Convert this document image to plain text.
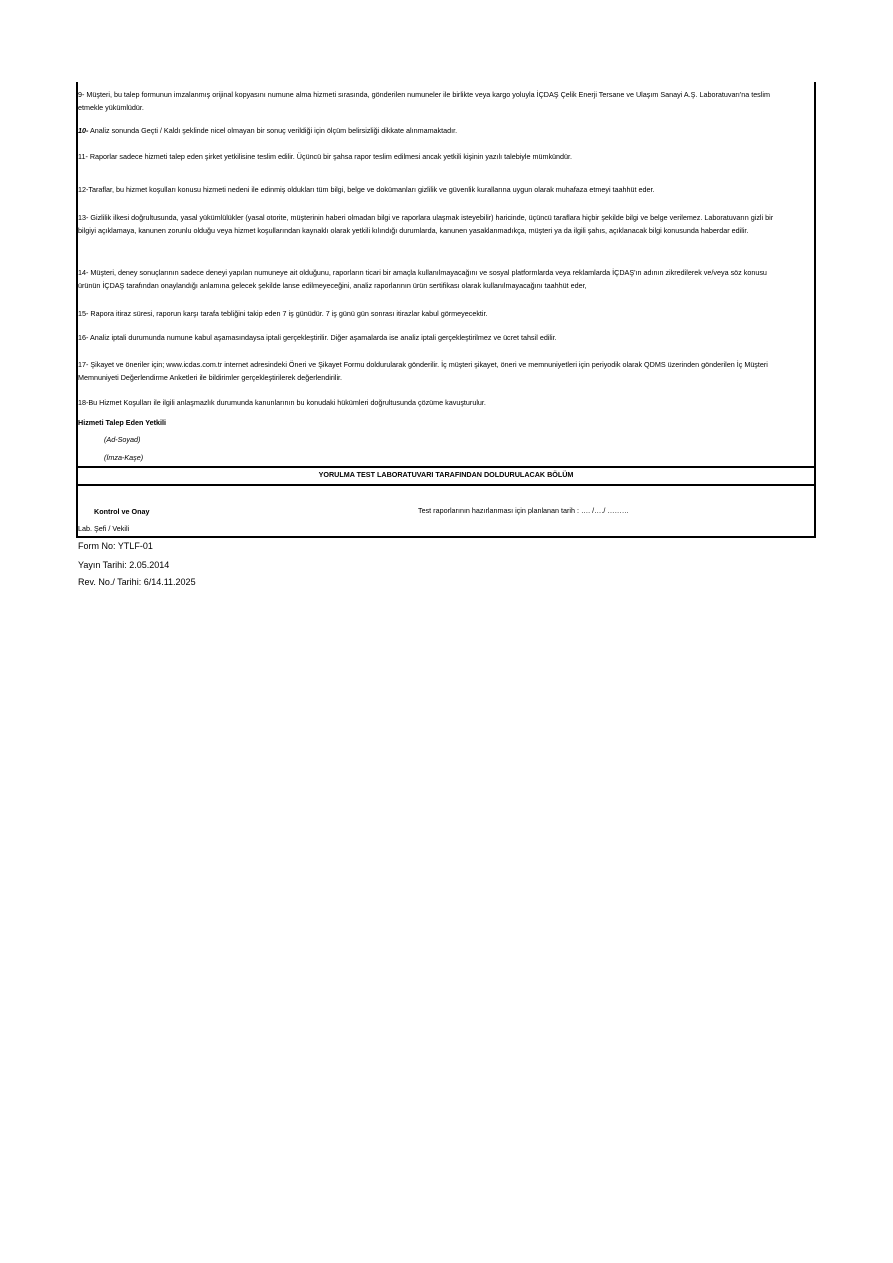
9- Müşteri, bu talep formunun imzalanmış orijinal kopyasını numune alma hizmeti sırasında, gönderilen numuneler ile birlikte veya kargo yoluyla İÇDAŞ Çelik Enerji Tersane ve Ulaşım Sanayi A.Ş. Laboratuvarı'na teslim etmekle yükümlüdür.
10- Analiz sonunda Geçti / Kaldı şeklinde nicel olmayan bir sonuç verildiği için ölçüm belirsizliği dikkate alınmamaktadır.
11- Raporlar sadece hizmeti talep eden şirket yetkilisine teslim edilir. Üçüncü bir şahsa rapor teslim edilmesi ancak yetkili kişinin yazılı talebiyle mümkündür.
12-Taraflar, bu hizmet koşulları konusu hizmeti nedeni ile edinmiş oldukları tüm bilgi, belge ve dokümanları gizlilik ve güvenlik kurallarına uygun olarak muhafaza etmeyi taahhüt eder.
13- Gizlilik ilkesi doğrultusunda, yasal yükümlülükler (yasal otorite, müşterinin haberi olmadan bilgi ve raporlara ulaşmak isteyebilir) haricinde, üçüncü taraflara hiçbir şekilde bilgi ve belge verilemez. Laboratuvarın gizli bir bilgiyi açıklamaya, kanunen zorunlu olduğu veya hizmet koşullarından kaynaklı olarak yetkili kılındığı durumlarda, kanunen yasaklanmadıkça, müşteri ya da ilgili şahıs, açıklanacak bilgi konusunda haberdar edilir.
14- Müşteri, deney sonuçlarının sadece deneyi yapılan numuneye ait olduğunu, raporların ticari bir amaçla kullanılmayacağını ve sosyal platformlarda veya reklamlarda İÇDAŞ'ın adının zikredilerek ve/veya söz konusu ürünün İÇDAŞ tarafından onaylandığı anlamına gelecek şekilde lanse edilmeyeceğini, analiz raporlarının ürün sertifikası olarak kullanılmayacağını taahhüt eder,
15- Rapora itiraz süresi, raporun karşı tarafa tebliğini takip eden 7 iş günüdür. 7 iş günü gün sonrası itirazlar kabul görmeyecektir.
16- Analiz iptali durumunda numune kabul aşamasındaysa iptali gerçekleştirilir. Diğer aşamalarda ise analiz iptali gerçekleştirilmez ve ücret tahsil edilir.
17- Şikayet ve öneriler için; www.icdas.com.tr internet adresindeki Öneri ve Şikayet Formu doldurularak gönderilir. İç müşteri şikayet, öneri ve memnuniyetleri için periyodik olarak QDMS üzerinden gönderilen İç Müşteri Memnuniyeti Değerlendirme Anketleri ile bildirimler gerçekleştirilerek değerlendirilir.
18-Bu Hizmet Koşulları ile ilgili anlaşmazlık durumunda kanunlarının bu konudaki hükümleri doğrultusunda çözüme kavuşturulur.
Hizmeti Talep Eden Yetkili
(Ad-Soyad)
(İmza-Kaşe)
YORULMA TEST LABORATUVARI TARAFINDAN DOLDURULACAK BÖLÜM
Kontrol ve Onay	Test raporlarının hazırlanması için planlanan tarih : …. /…./ ………
Lab. Şefi / Vekili
Form No: YTLF-01
Yayın Tarihi: 2.05.2014
Rev. No./ Tarihi: 6/14.11.2025
